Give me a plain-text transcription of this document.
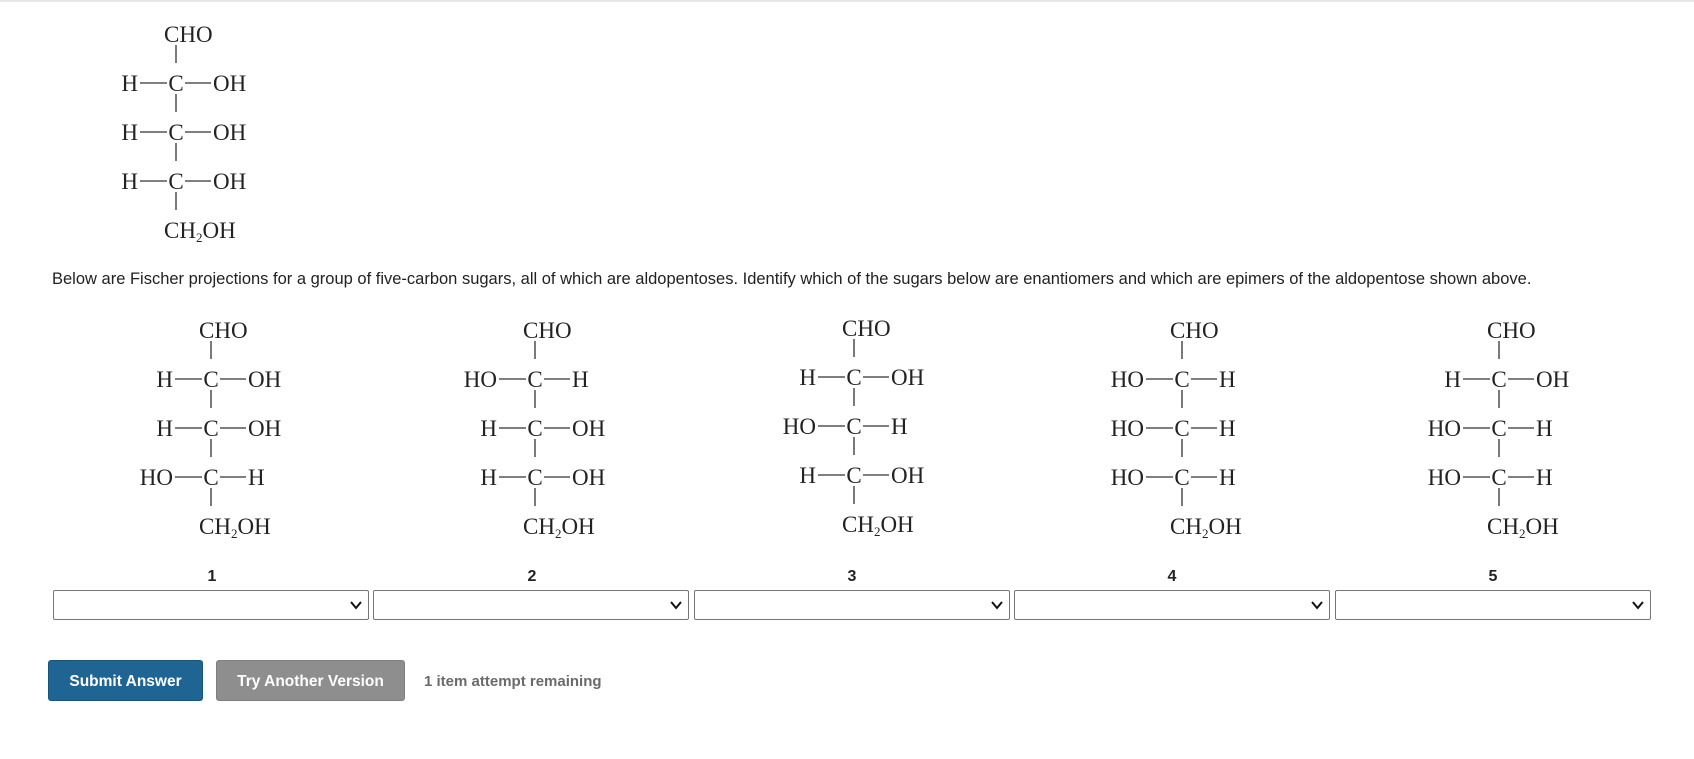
CHO
C
H	OH
C
H	OH
C
H	OH
$CH_2OH$

Below are Fischer projections for a group of five-carbon sugars, all of which are aldopentoses. Identify which of the sugars below are enantiomers and which are epimers of the aldopentose shown above.

CHO
C
H	OH
C
H	OH
C
HO	H
$CH_2OH$
CHO
C
HO	H
C
H	OH
C
H	OH
$CH_2OH$
CHO
C
H	OH
C
HO	H
C
H	OH
$CH_2OH$
CHO
C
HO	H
C
HO	H
C
HO	H
$CH_2OH$
CHO
C
H	OH
C
HO	H
C
HO	H
$CH_2OH$
1	2	3	4	5
Submit Answer	Try Another Version	1 item attempt remaining
